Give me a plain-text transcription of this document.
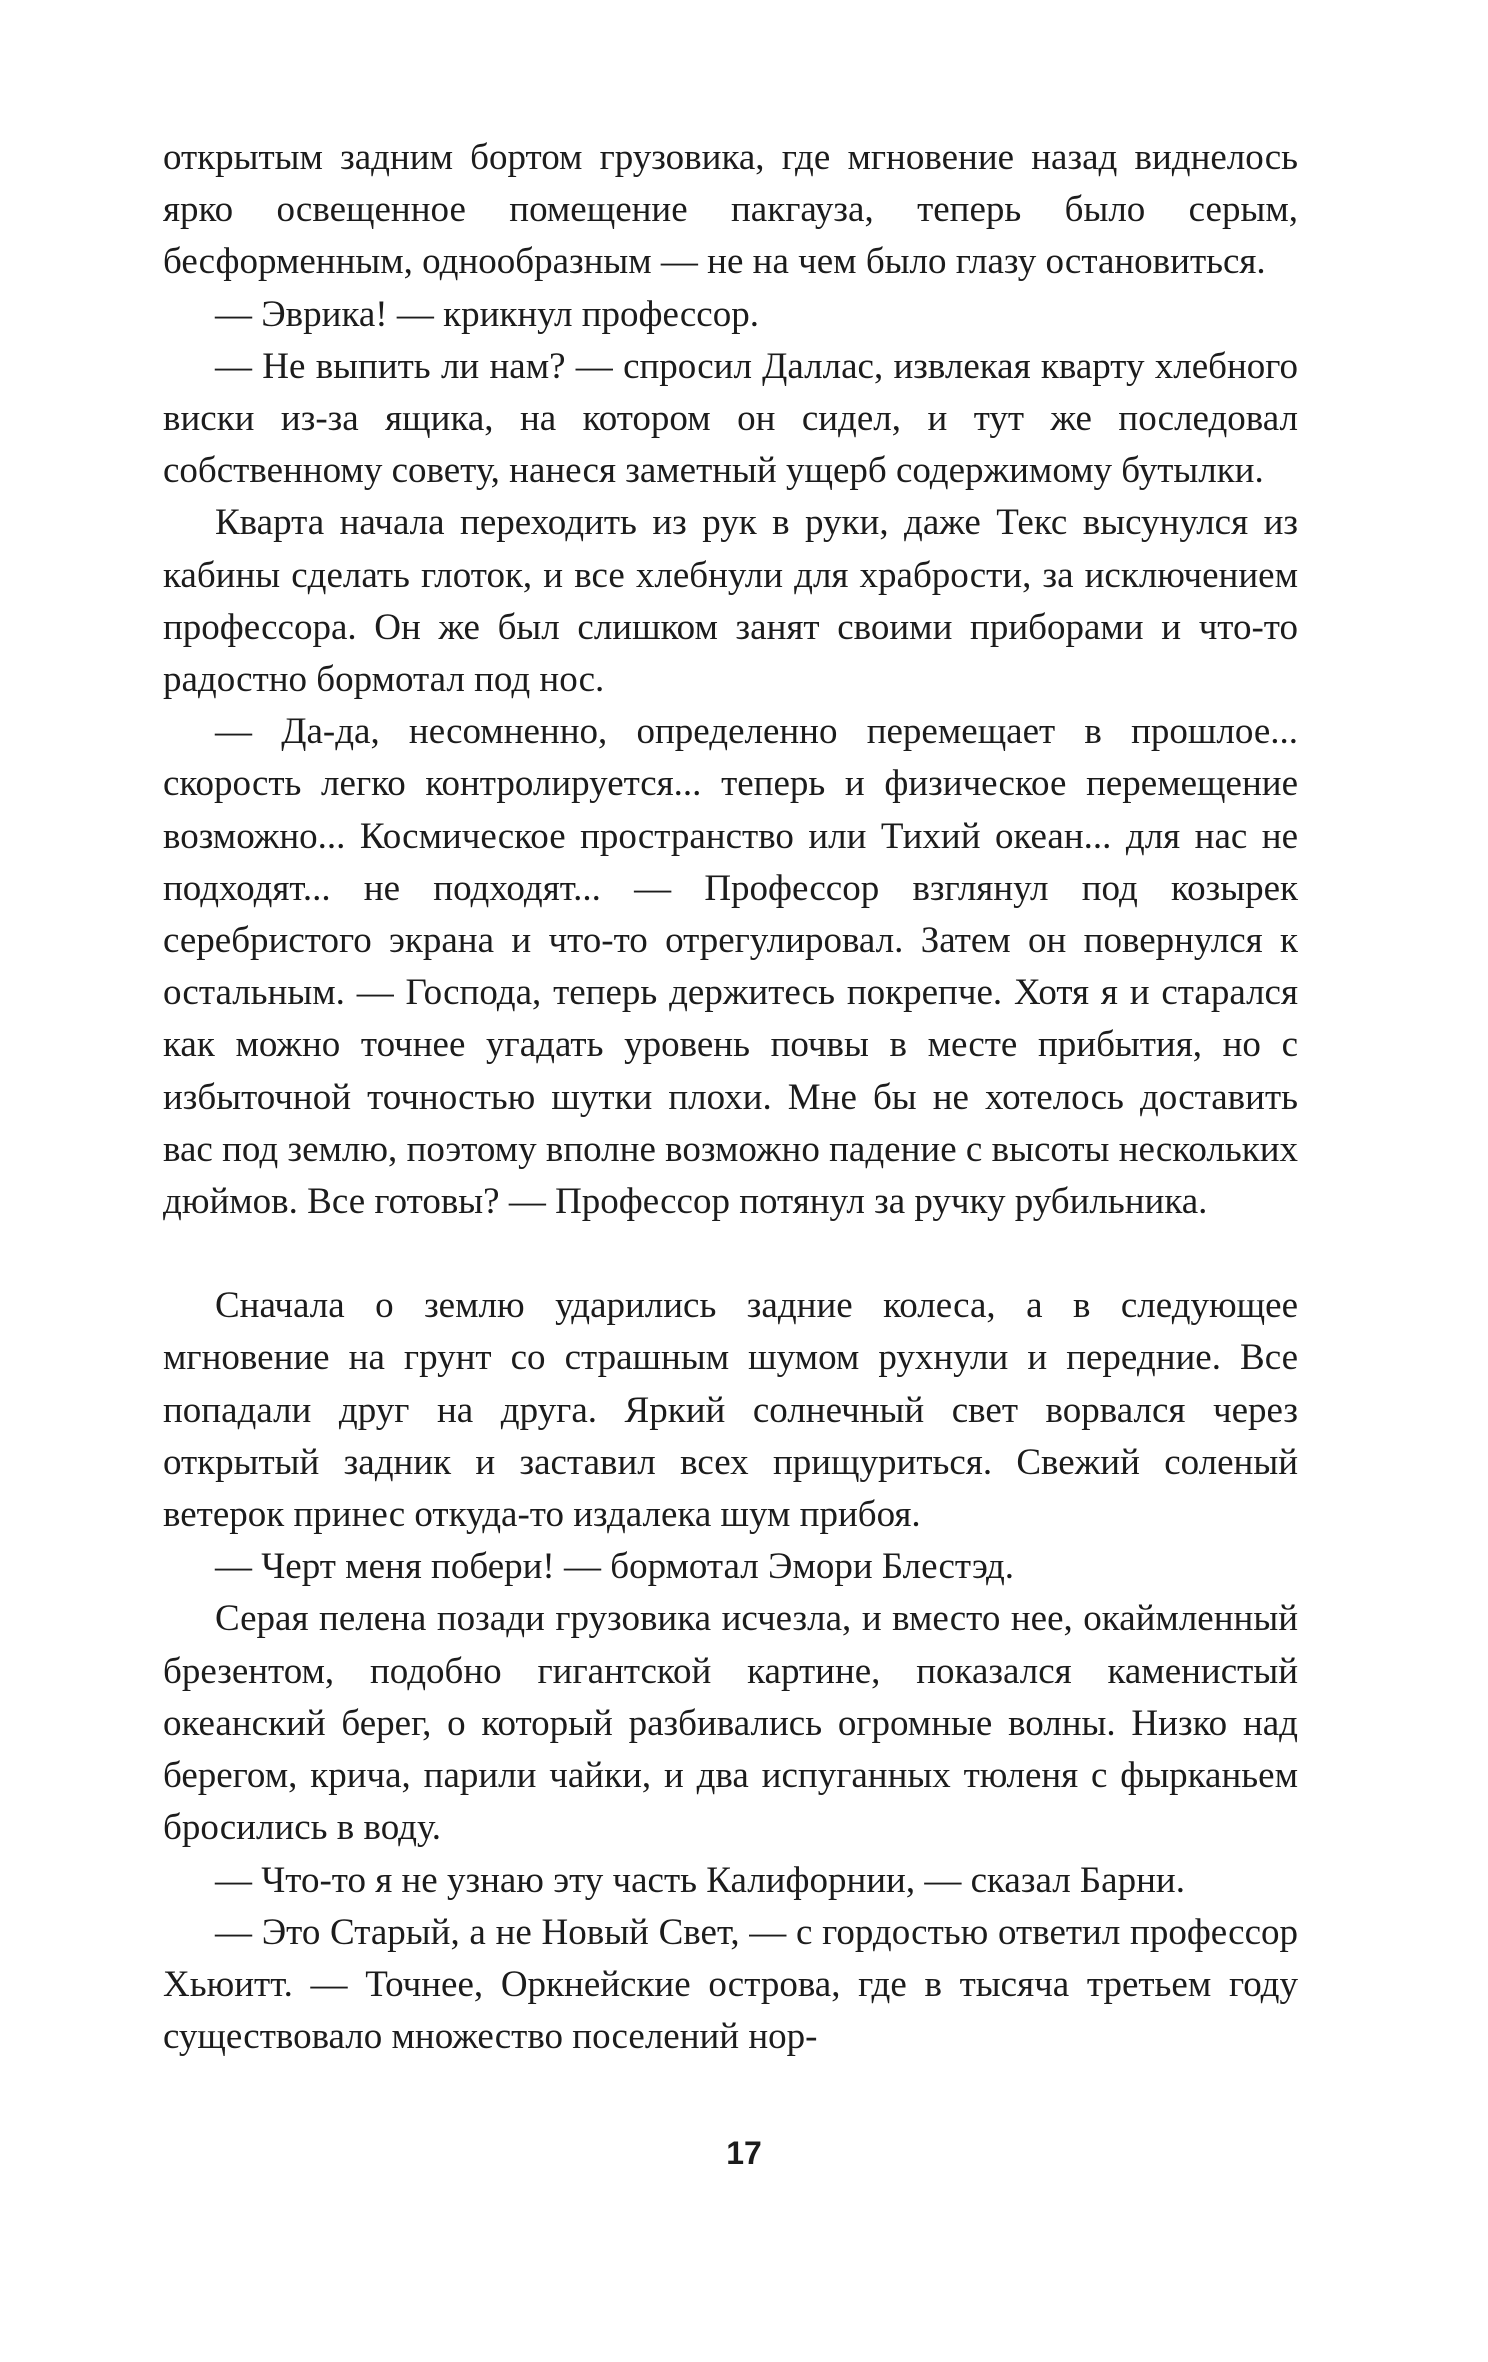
открытым задним бортом грузовика, где мгновение назад виднелось ярко освещенное помещение пакгауза, теперь было серым, бесформенным, однообразным — не на чем было глазу остановиться.

— Эврика! — крикнул профессор.

— Не выпить ли нам? — спросил Даллас, извлекая кварту хлебного виски из-за ящика, на котором он сидел, и тут же последовал собственному совету, нанеся заметный ущерб содержимому бутылки.

Кварта начала переходить из рук в руки, даже Текс высунулся из кабины сделать глоток, и все хлебнули для храбрости, за исключением профессора. Он же был слишком занят своими приборами и что-то радостно бормотал под нос.

— Да-да, несомненно, определенно перемещает в прошлое... скорость легко контролируется... теперь и физическое перемещение возможно... Космическое пространство или Тихий океан... для нас не подходят... не подходят... — Профессор взглянул под козырек серебристого экрана и что-то отрегулировал. Затем он повернулся к остальным. — Господа, теперь держитесь покрепче. Хотя я и старался как можно точнее угадать уровень почвы в месте прибытия, но с избыточной точностью шутки плохи. Мне бы не хотелось доставить вас под землю, поэтому вполне возможно падение с высоты нескольких дюймов. Все готовы? — Профессор потянул за ручку рубильника.

Сначала о землю ударились задние колеса, а в следующее мгновение на грунт со страшным шумом рухнули и передние. Все попадали друг на друга. Яркий солнечный свет ворвался через открытый задник и заставил всех прищуриться. Свежий соленый ветерок принес откуда-то издалека шум прибоя.

— Черт меня побери! — бормотал Эмори Блестэд.

Серая пелена позади грузовика исчезла, и вместо нее, окаймленный брезентом, подобно гигантской картине, показался каменистый океанский берег, о который разбивались огромные волны. Низко над берегом, крича, парили чайки, и два испуганных тюленя с фырканьем бросились в воду.

— Что-то я не узнаю эту часть Калифорнии, — сказал Барни.

— Это Старый, а не Новый Свет, — с гордостью ответил профессор Хьюитт. — Точнее, Оркнейские острова, где в тысяча третьем году существовало множество поселений нор-

17
